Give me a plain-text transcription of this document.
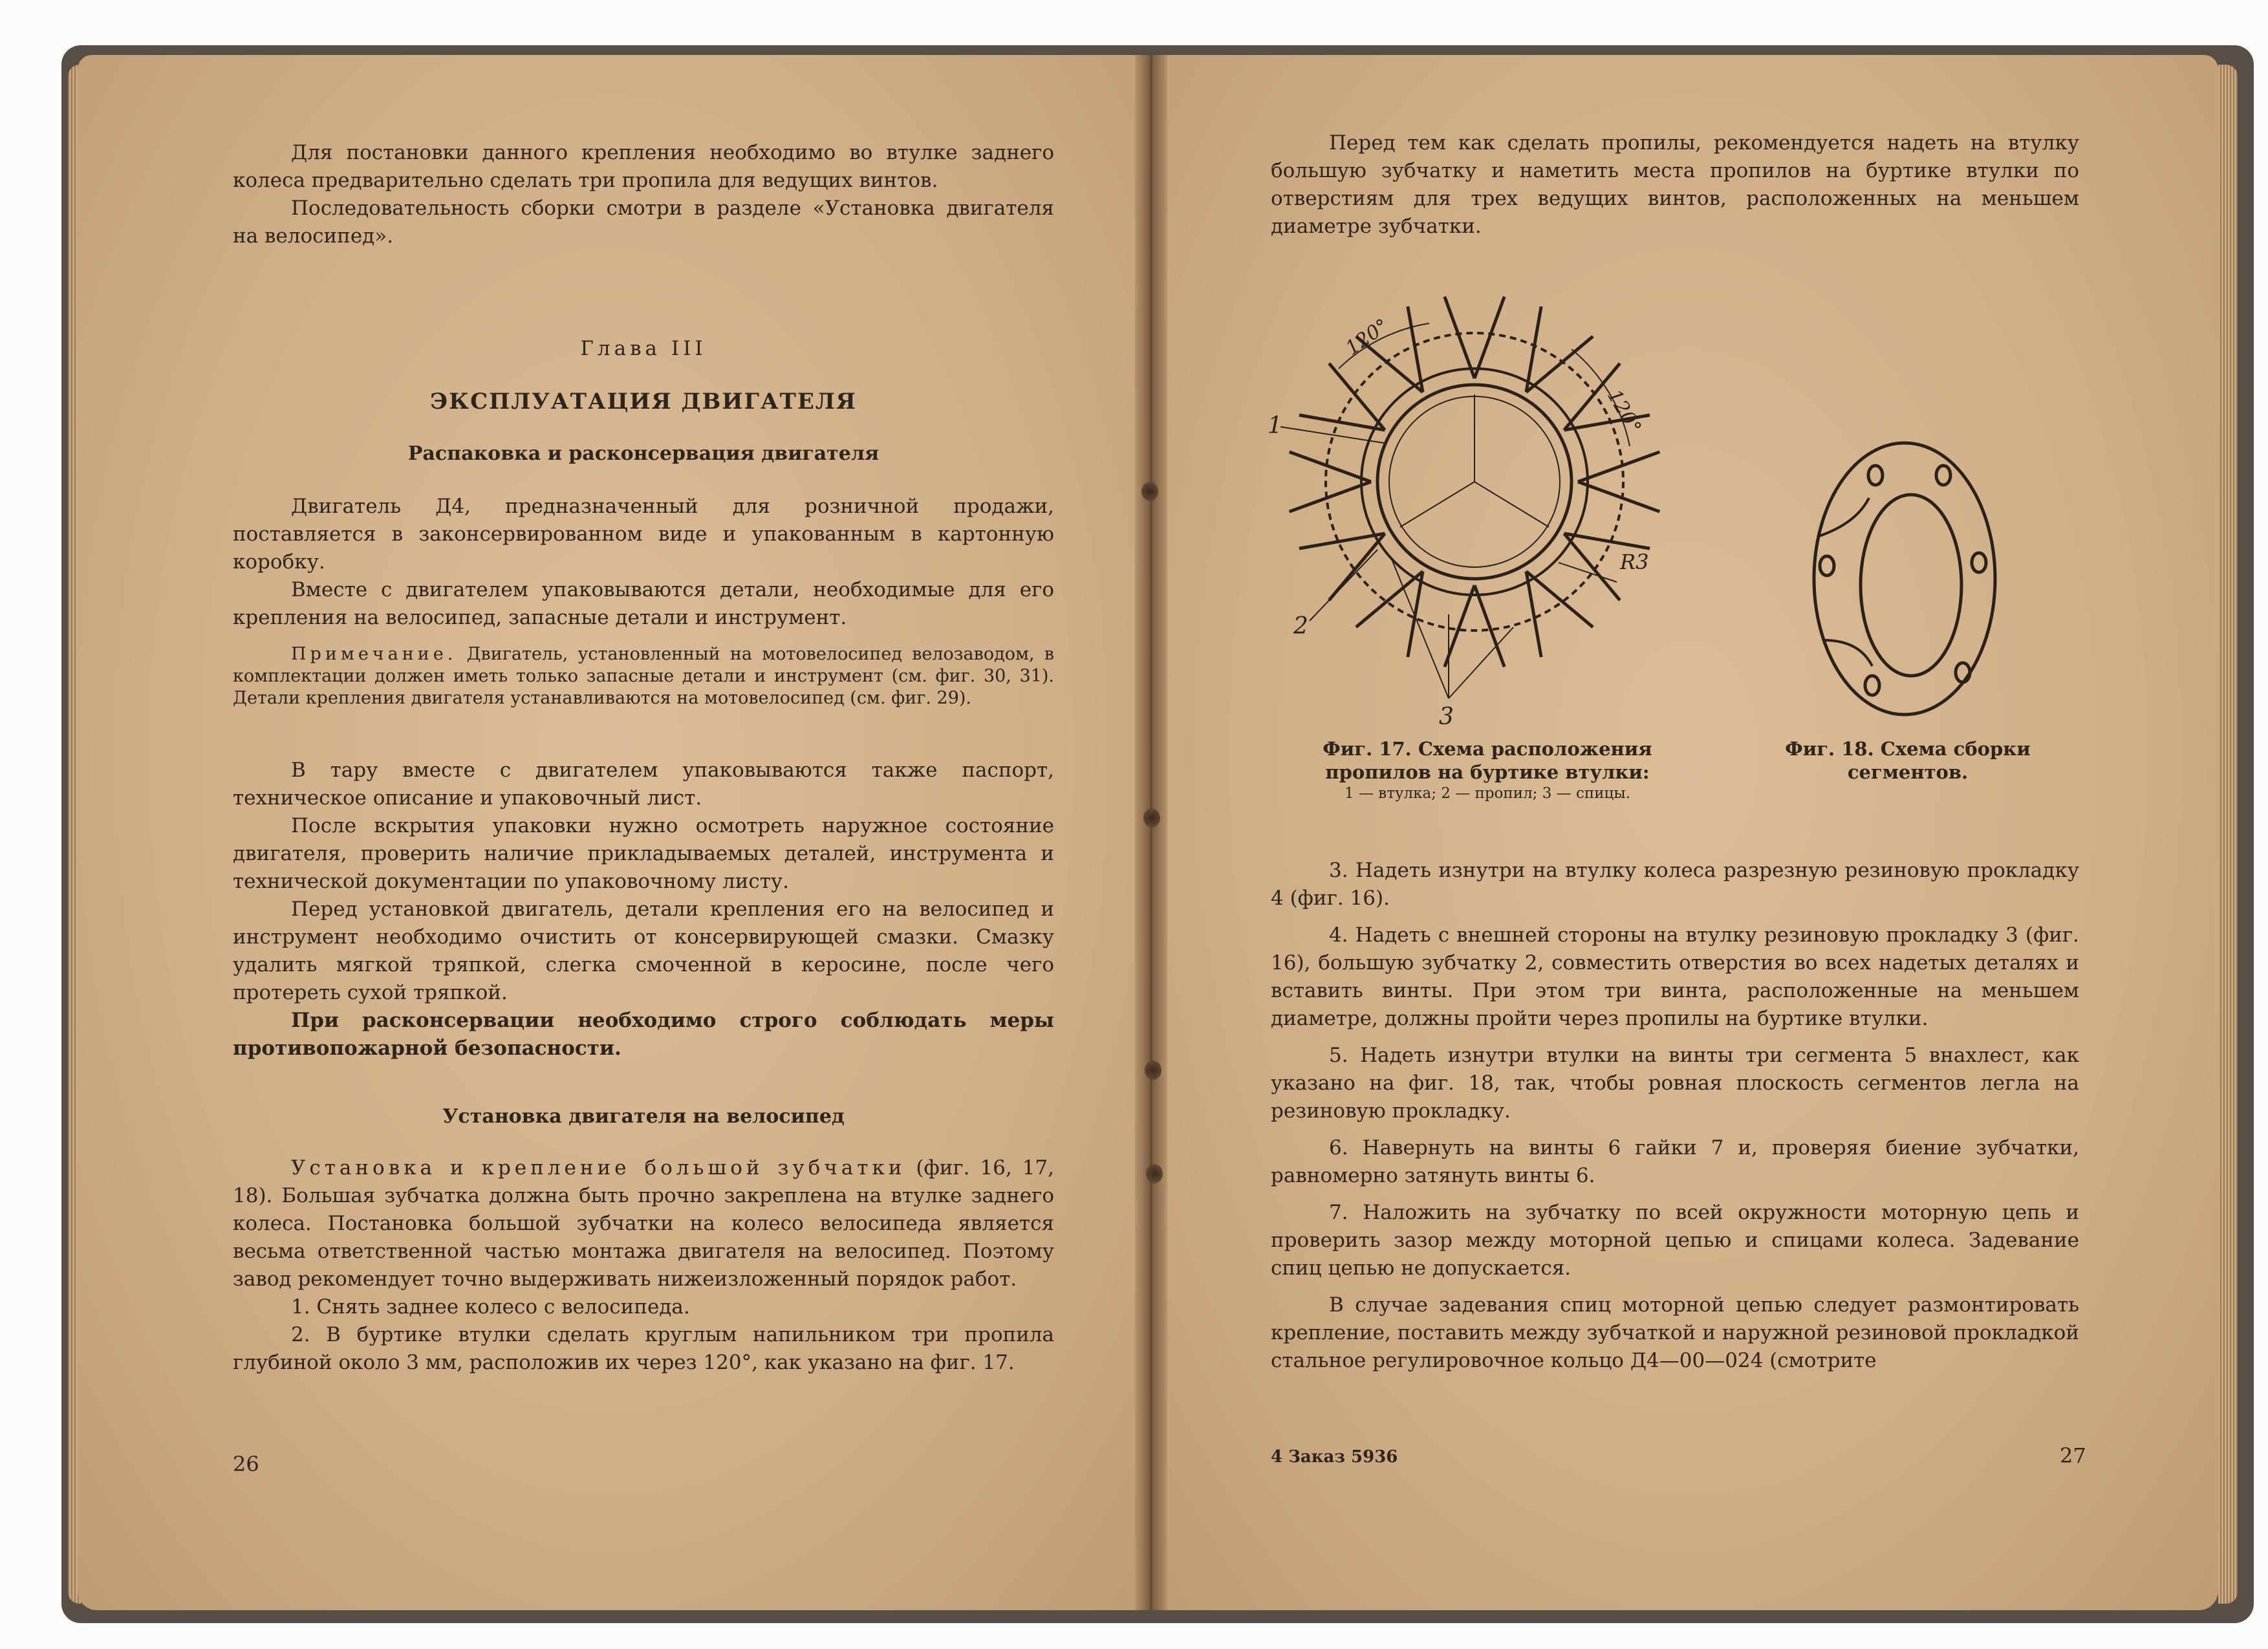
Для постановки данного крепления необходимо во втулке заднего колеса предварительно сделать три пропила для ведущих винтов.

Последовательность сборки смотри в разделе «Установка двигателя на велосипед».

Глава III
ЭКСПЛУАТАЦИЯ ДВИГАТЕЛЯ
Распаковка и расконсервация двигателя

Двигатель Д4, предназначенный для розничной продажи, поставляется в законсервированном виде и упакованным в картонную коробку.

Вместе с двигателем упаковываются детали, необходимые для его крепления на велосипед, запасные детали и инструмент.

Примечание. Двигатель, установленный на мотовелосипед велозаводом, в комплектации должен иметь только запасные детали и инструмент (см. фиг. 30, 31). Детали крепления двигателя устанавливаются на мотовелосипед (см. фиг. 29).

В тару вместе с двигателем упаковываются также паспорт, техническое описание и упаковочный лист.

После вскрытия упаковки нужно осмотреть наружное состояние двигателя, проверить наличие прикладываемых деталей, инструмента и технической документации по упаковочному листу.

Перед установкой двигатель, детали крепления его на велосипед и инструмент необходимо очистить от консервирующей смазки. Смазку удалить мягкой тряпкой, слегка смоченной в керосине, после чего протереть сухой тряпкой.

При расконсервации необходимо строго соблюдать меры противопожарной безопасности.

Установка двигателя на велосипед

Установка и крепление большой зубчатки (фиг. 16, 17, 18). Большая зубчатка должна быть прочно закреплена на втулке заднего колеса. Постановка большой зубчатки на колесо велосипеда является весьма ответственной частью монтажа двигателя на велосипед. Поэтому завод рекомендует точно выдерживать нижеизложенный порядок работ.

1. Снять заднее колесо с велосипеда.

2. В буртике втулки сделать круглым напильником три пропила глубиной около 3 мм, расположив их через 120°, как указано на фиг. 17.

26

Перед тем как сделать пропилы, рекомендуется надеть на втулку большую зубчатку и наметить места пропилов на буртике втулки по отверстиям для трех ведущих винтов, расположенных на меньшем диаметре зубчатки.

1
2
3
120°
120°
R3
Фиг. 17. Схема расположения пропилов на буртике втулки:
1 — втулка; 2 — пропил; 3 — спицы.
Фиг. 18. Схема сборки сегментов.

3. Надеть изнутри на втулку колеса разрезную резиновую прокладку 4 (фиг. 16).

4. Надеть с внешней стороны на втулку резиновую прокладку 3 (фиг. 16), большую зубчатку 2, совместить отверстия во всех надетых деталях и вставить винты. При этом три винта, расположенные на меньшем диаметре, должны пройти через пропилы на буртике втулки.

5. Надеть изнутри втулки на винты три сегмента 5 внахлест, как указано на фиг. 18, так, чтобы ровная плоскость сегментов легла на резиновую прокладку.

6. Навернуть на винты 6 гайки 7 и, проверяя биение зубчатки, равномерно затянуть винты 6.

7. Наложить на зубчатку по всей окружности моторную цепь и проверить зазор между моторной цепью и спицами колеса. Задевание спиц цепью не допускается.

В случае задевания спиц моторной цепью следует размонтировать крепление, поставить между зубчаткой и наружной резиновой прокладкой стальное регулировочное кольцо Д4—00—024 (смотрите

4 Заказ 5936	27
